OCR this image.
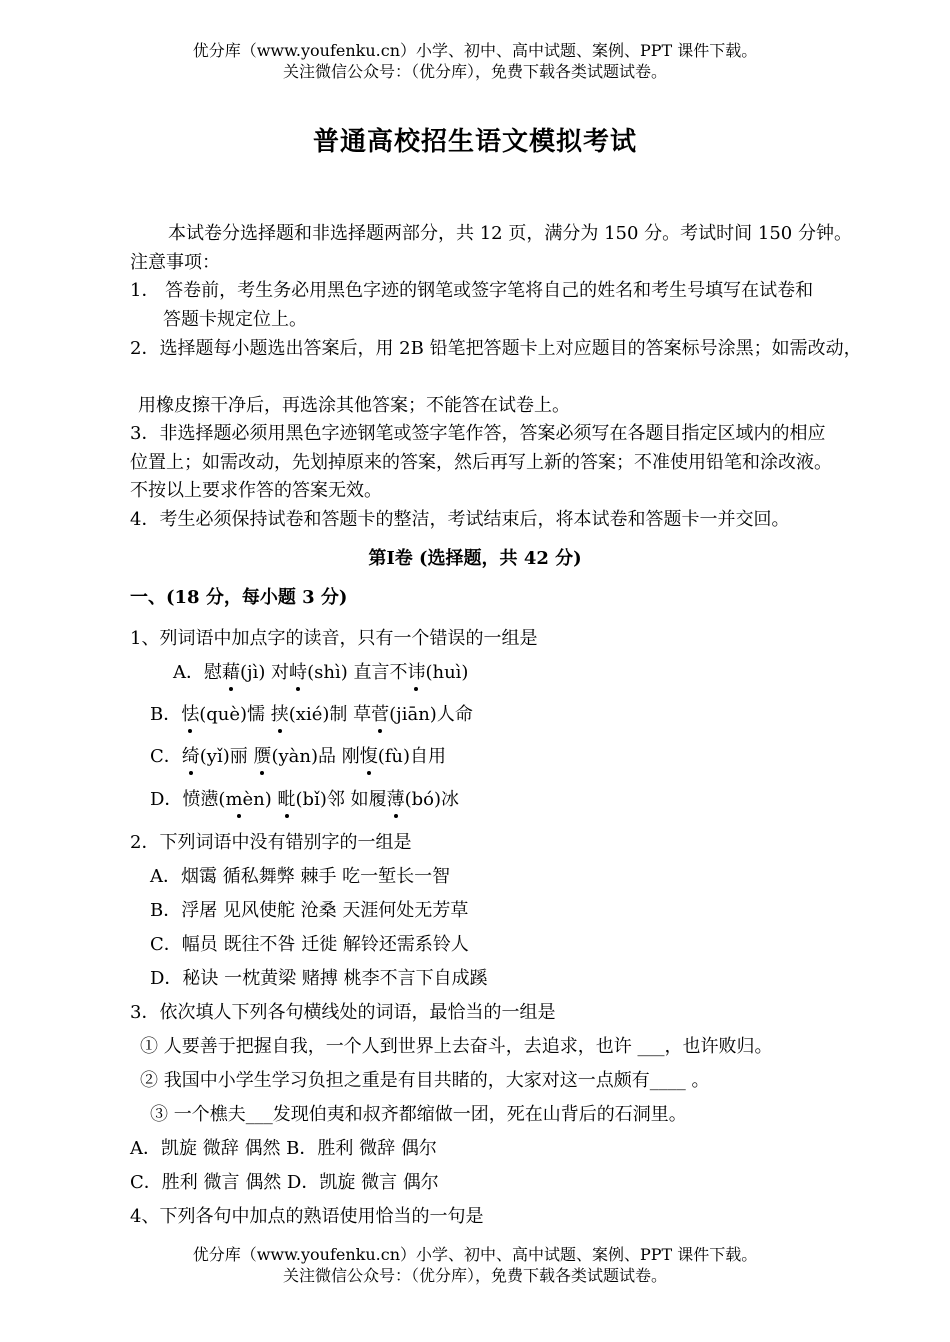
优分库（www.youfenku.cn）小学、初中、高中试题、案例、PPT 课件下载。
关注微信公众号：（优分库），免费下载各类试题试卷。
普通高校招生语文模拟考试
本试卷分选择题和非选择题两部分，共 12 页，满分为 150 分。考试时间 150 分钟。
注意事项：
1． 答卷前，考生务必用黑色字迹的钢笔或签字笔将自己的姓名和考生号填写在试卷和
答题卡规定位上。
2．选择题每小题选出答案后，用 2B 铅笔把答题卡上对应题目的答案标号涂黑；如需改动，
用橡皮擦干净后，再选涂其他答案；不能答在试卷上。
3．非选择题必须用黑色字迹钢笔或签字笔作答，答案必须写在各题目指定区域内的相应
位置上；如需改动，先划掉原来的答案，然后再写上新的答案；不准使用铅笔和涂改液。
不按以上要求作答的答案无效。
4．考生必须保持试卷和答题卡的整洁，考试结束后，将本试卷和答题卡一并交回。
第Ⅰ卷 (选择题，共 42 分)
一、(18 分，每小题 3 分)
1、列词语中加点字的读音，只有一个错误的一组是
A．慰藉(jì) 对峙(shì) 直言不讳(huì)
B．怯(què)懦 挟(xié)制 草菅(jiān)人命
C．绮(yǐ)丽 赝(yàn)品 刚愎(fù)自用
D．愤懑(mèn) 毗(bǐ)邻 如履薄(bó)冰
2．下列词语中没有错别字的一组是
A．烟霭 循私舞弊 棘手 吃一堑长一智
B．浮屠 见风使舵 沧桑 天涯何处无芳草
C．幅员 既往不咎 迁徙 解铃还需系铃人
D．秘诀 一枕黄梁 赌搏 桃李不言下自成蹊
3．依次填人下列各句横线处的词语，最恰当的一组是
① 人要善于把握自我，一个人到世界上去奋斗，去追求，也许 ___，也许败归。
② 我国中小学生学习负担之重是有目共睹的，大家对这一点颇有____ 。
③ 一个樵夫___发现伯夷和叔齐都缩做一团，死在山背后的石洞里。
A．凯旋 微辞 偶然 B．胜利 微辞 偶尔
C．胜利 微言 偶然 D．凯旋 微言 偶尔
4、下列各句中加点的熟语使用恰当的一句是
优分库（www.youfenku.cn）小学、初中、高中试题、案例、PPT 课件下载。
关注微信公众号：（优分库），免费下载各类试题试卷。
